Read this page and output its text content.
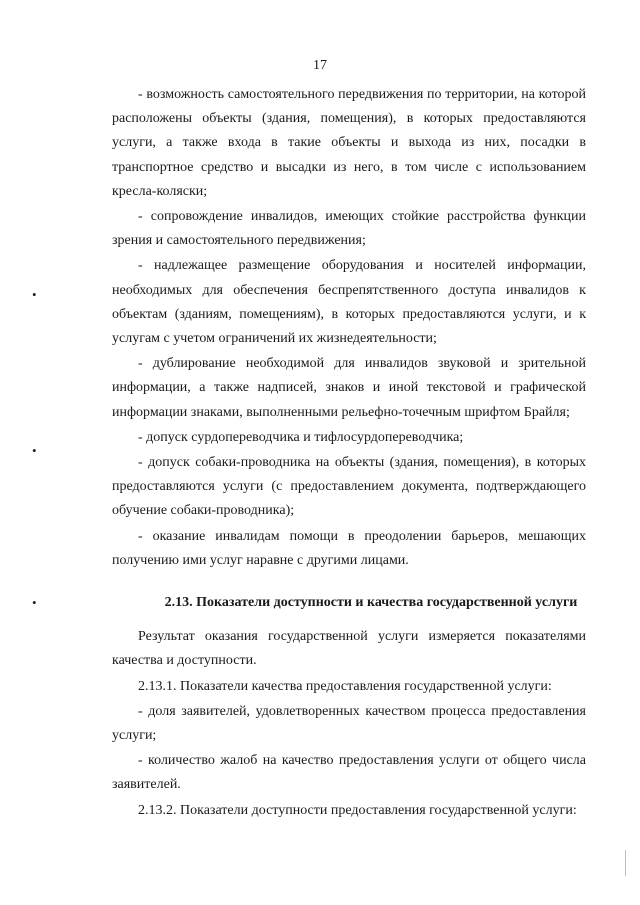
17
•
•
•

- возможность самостоятельного передвижения по территории, на которой расположены объекты (здания, помещения), в которых предоставляются услуги, а также входа в такие объекты и выхода из них, посадки в транспортное средство и высадки из него, в том числе с использованием кресла-коляски;

- сопровождение инвалидов, имеющих стойкие расстройства функции зрения и самостоятельного передвижения;

- надлежащее размещение оборудования и носителей информации, необходимых для обеспечения беспрепятственного доступа инвалидов к объектам (зданиям, помещениям), в которых предоставляются услуги, и к услугам с учетом ограничений их жизнедеятельности;

- дублирование необходимой для инвалидов звуковой и зрительной информации, а также надписей, знаков и иной текстовой и графической информации знаками, выполненными рельефно-точечным шрифтом Брайля;

- допуск сурдопереводчика и тифлосурдопереводчика;

- допуск собаки-проводника на объекты (здания, помещения), в которых предоставляются услуги (с предоставлением документа, подтверждающего обучение собаки-проводника);

- оказание инвалидам помощи в преодолении барьеров, мешающих получению ими услуг наравне с другими лицами.

2.13. Показатели доступности и качества государственной услуги

Результат оказания государственной услуги измеряется показателями качества и доступности.

2.13.1. Показатели качества предоставления государственной услуги:

- доля заявителей, удовлетворенных качеством процесса предоставления услуги;

- количество жалоб на качество предоставления услуги от общего числа заявителей.

2.13.2. Показатели доступности предоставления государственной услуги:
